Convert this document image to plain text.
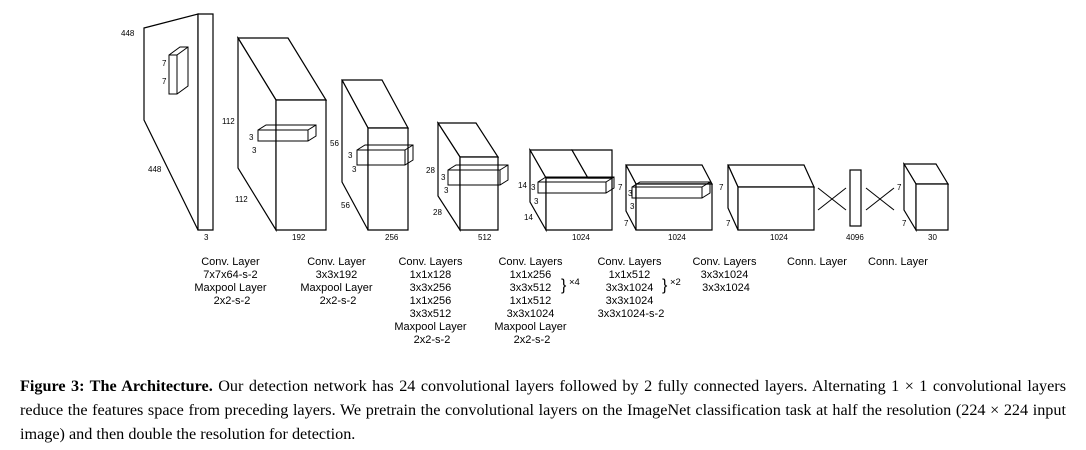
448
448
3
7
7
112
112
192
3
3
56
56
256
3
3	28
28
512
3
3
14
14
1024
3
3
7
7
1024
3
3
7
7
1024	4096
7
7
30
Conv. Layer 7x7x64-s-2 Maxpool Layer 2x2-s-2
Conv. Layer 3x3x192 Maxpool Layer 2x2-s-2
Conv. Layers 1x1x128 3x3x256 1x1x256 3x3x512 Maxpool Layer 2x2-s-2
Conv. Layers 1x1x256 3x3x512 1x1x512 3x3x1024 Maxpool Layer 2x2-s-2
} ×4
Conv. Layers 1x1x512 3x3x1024 3x3x1024 3x3x1024-s-2
} ×2
Conv. Layers 3x3x1024 3x3x1024
Conn. Layer Conn. Layer
Figure 3: The Architecture. Our detection network has 24 convolutional layers followed by 2 fully connected layers. Alternating 1 × 1 convolutional layers reduce the features space from preceding layers. We pretrain the convolutional layers on the ImageNet classification task at half the resolution (224 × 224 input image) and then double the resolution for detection.
